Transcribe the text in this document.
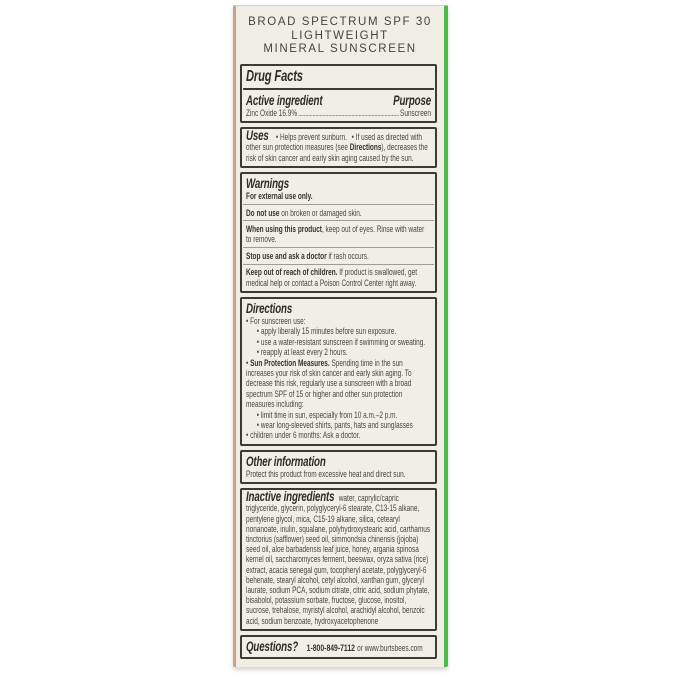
BROAD SPECTRUM SPF 30
LIGHTWEIGHT
MINERAL SUNSCREEN
Drug Facts
Active ingredient	Purpose
Zinc Oxide 16.9%	Sunscreen
Uses • Helps prevent sunburn. • If used as directed with other sun protection measures (see Directions), decreases the risk of skin cancer and early skin aging caused by the sun.
Warnings
For external use only.
Do not use on broken or damaged skin.
When using this product, keep out of eyes. Rinse with water to remove.
Stop use and ask a doctor if rash occurs.
Keep out of reach of children. If product is swallowed, get medical help or contact a Poison Control Center right away.
Directions
• For sunscreen use:
• apply liberally 15 minutes before sun exposure.
• use a water-resistant sunscreen if swimming or sweating.
• reapply at least every 2 hours.
• Sun Protection Measures. Spending time in the sun increases your risk of skin cancer and early skin aging. To decrease this risk, regularly use a sunscreen with a broad spectrum SPF of 15 or higher and other sun protection measures including:
• limit time in sun, especially from 10 a.m.–2 p.m.
• wear long-sleeved shirts, pants, hats and sunglasses
• children under 6 months: Ask a doctor.
Other information
Protect this product from excessive heat and direct sun.
Inactive ingredients water, caprylic/capric triglyceride, glycerin, polyglyceryl-6 stearate, C13-15 alkane, pentylene glycol, mica, C15-19 alkane, silica, cetearyl nonanoate, inulin, squalane, polyhydroxystearic acid, carthamus tinctorius (safflower) seed oil, simmondsia chinensis (jojoba) seed oil, aloe barbadensis leaf juice, honey, argania spinosa kernel oil, saccharomyces ferment, beeswax, oryza sativa (rice) extract, acacia senegal gum, tocopheryl acetate, polyglyceryl-6 behenate, stearyl alcohol, cetyl alcohol, xanthan gum, glyceryl laurate, sodium PCA, sodium citrate, citric acid, sodium phytate, bisabolol, potassium sorbate, fructose, glucose, inositol, sucrose, trehalose, myristyl alcohol, arachidyl alcohol, benzoic acid, sodium benzoate, hydroxyacetophenone
Questions? 1-800-849-7112 or www.burtsbees.com
